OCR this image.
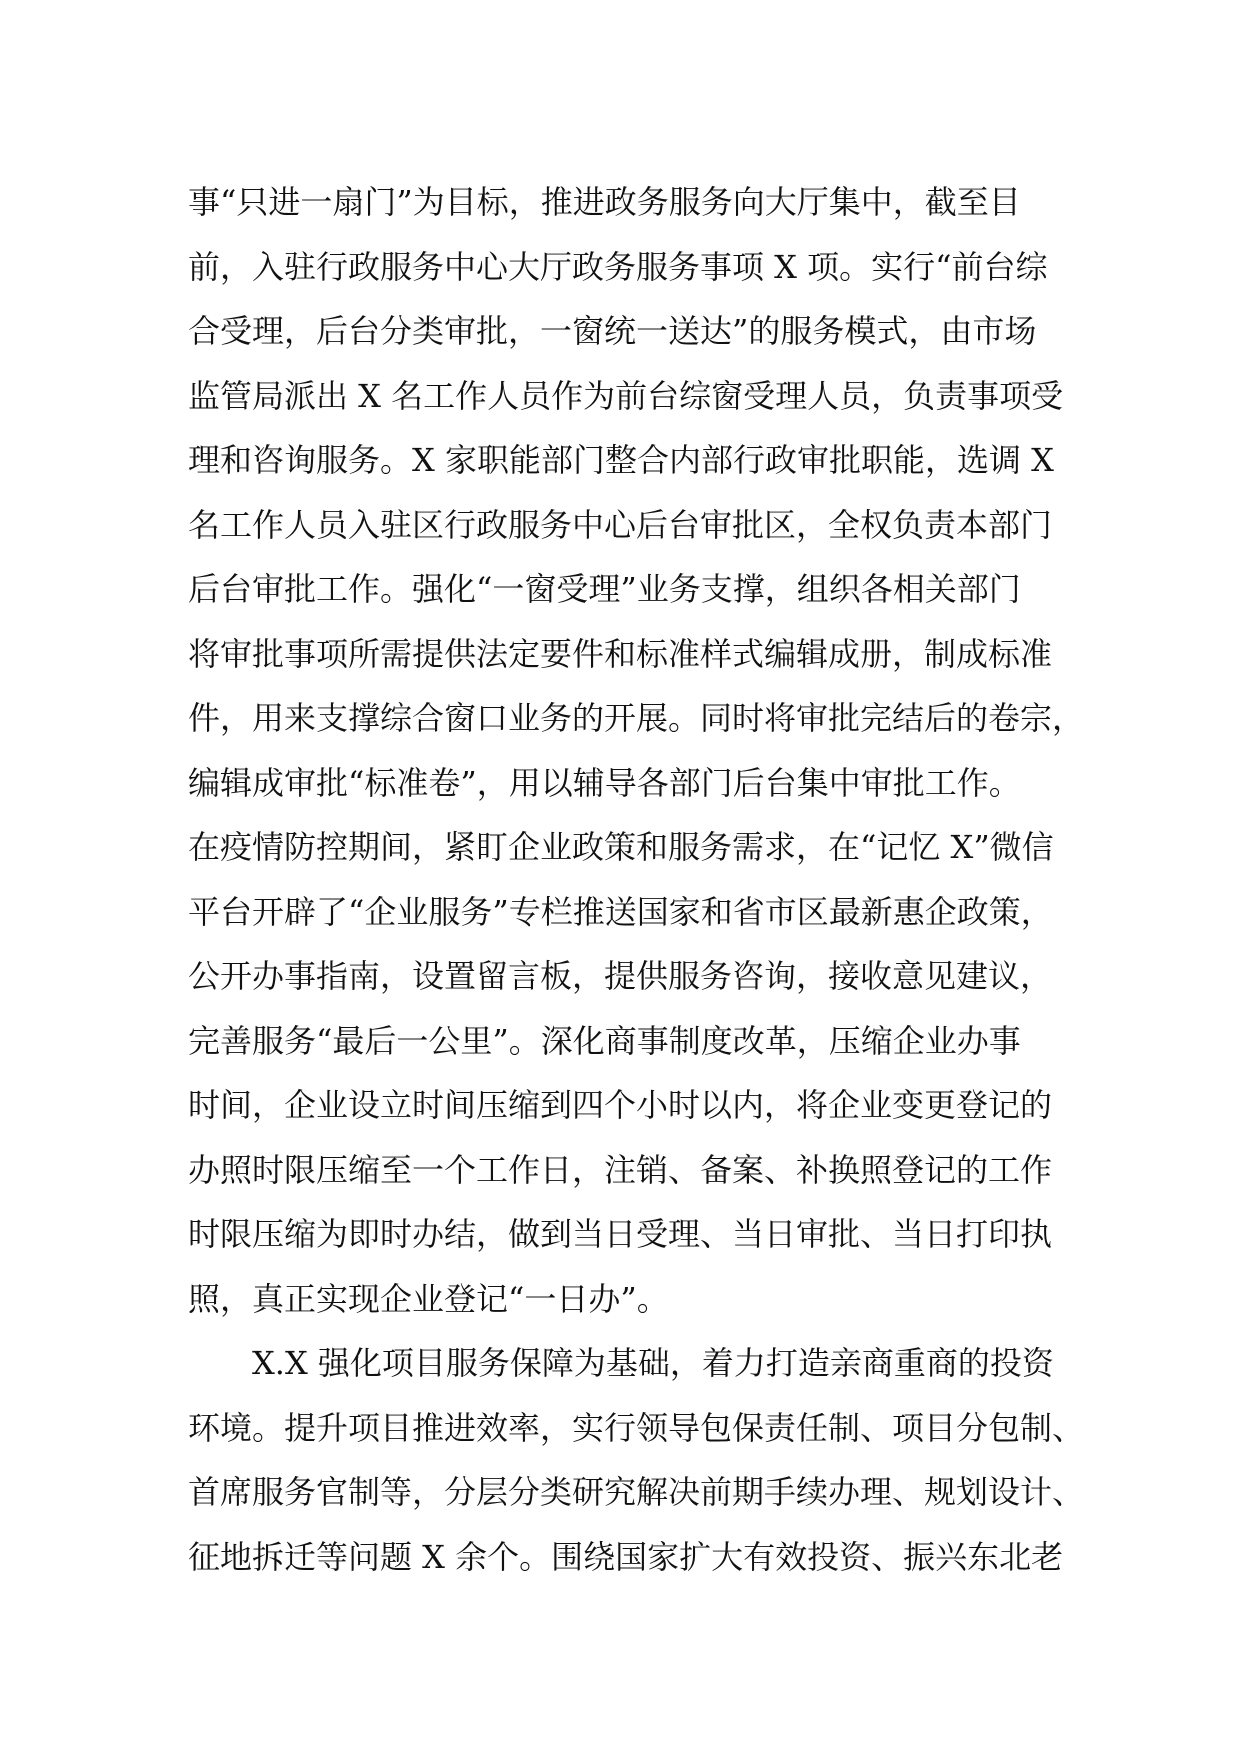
事“只进一扇门”为目标，推进政务服务向大厅集中，截至目
前，入驻行政服务中心大厅政务服务事项 X 项。实行“前台综
合受理，后台分类审批，一窗统一送达”的服务模式，由市场
监管局派出 X 名工作人员作为前台综窗受理人员，负责事项受
理和咨询服务。X 家职能部门整合内部行政审批职能，选调 X
名工作人员入驻区行政服务中心后台审批区，全权负责本部门
后台审批工作。强化“一窗受理”业务支撑，组织各相关部门
将审批事项所需提供法定要件和标准样式编辑成册，制成标准
件，用来支撑综合窗口业务的开展。同时将审批完结后的卷宗，
编辑成审批“标准卷”，用以辅导各部门后台集中审批工作。
在疫情防控期间，紧盯企业政策和服务需求，在“记忆 X”微信
平台开辟了“企业服务”专栏推送国家和省市区最新惠企政策，
公开办事指南，设置留言板，提供服务咨询，接收意见建议，
完善服务“最后一公里”。深化商事制度改革，压缩企业办事
时间，企业设立时间压缩到四个小时以内，将企业变更登记的
办照时限压缩至一个工作日，注销、备案、补换照登记的工作
时限压缩为即时办结，做到当日受理、当日审批、当日打印执
照，真正实现企业登记“一日办”。
X.X 强化项目服务保障为基础，着力打造亲商重商的投资
环境。提升项目推进效率，实行领导包保责任制、项目分包制、
首席服务官制等，分层分类研究解决前期手续办理、规划设计、
征地拆迁等问题 X 余个。围绕国家扩大有效投资、振兴东北老
